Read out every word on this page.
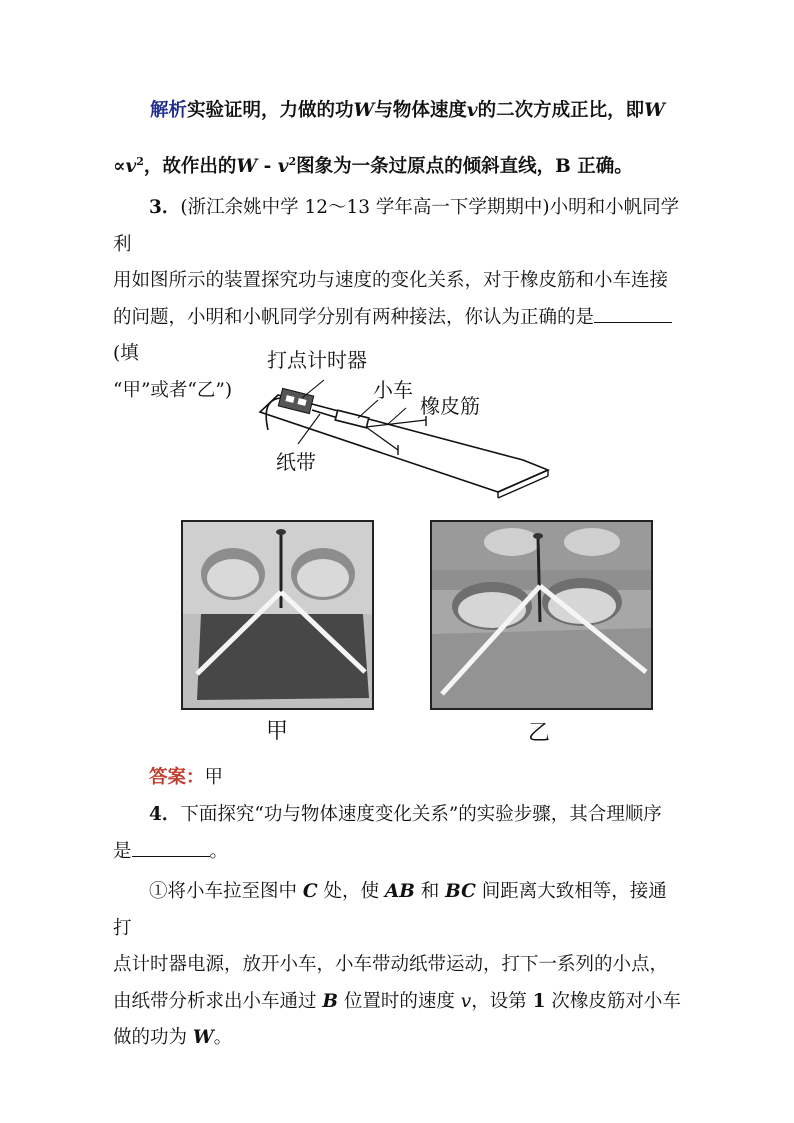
解析实验证明，力做的功W与物体速度v的二次方成正比，即W
$\propto v^2$，故作出的W - $v^2$图象为一条过原点的倾斜直线，B 正确。
3．(浙江余姚中学 12～13 学年高一下学期期中)小明和小帆同学利
用如图所示的装置探究功与速度的变化关系，对于橡皮筋和小车连接
的问题，小明和小帆同学分别有两种接法，你认为正确的是(填
“甲”或者“乙”)
打点计时器
小车
橡皮筋
纸带
甲	乙
答案：甲
4．下面探究“功与物体速度变化关系”的实验步骤，其合理顺序
是	。
①将小车拉至图中 C 处，使 AB 和 BC 间距离大致相等，接通打
点计时器电源，放开小车，小车带动纸带运动，打下一系列的小点，
由纸带分析求出小车通过 B 位置时的速度 v，设第 1 次橡皮筋对小车
做的功为 W。
